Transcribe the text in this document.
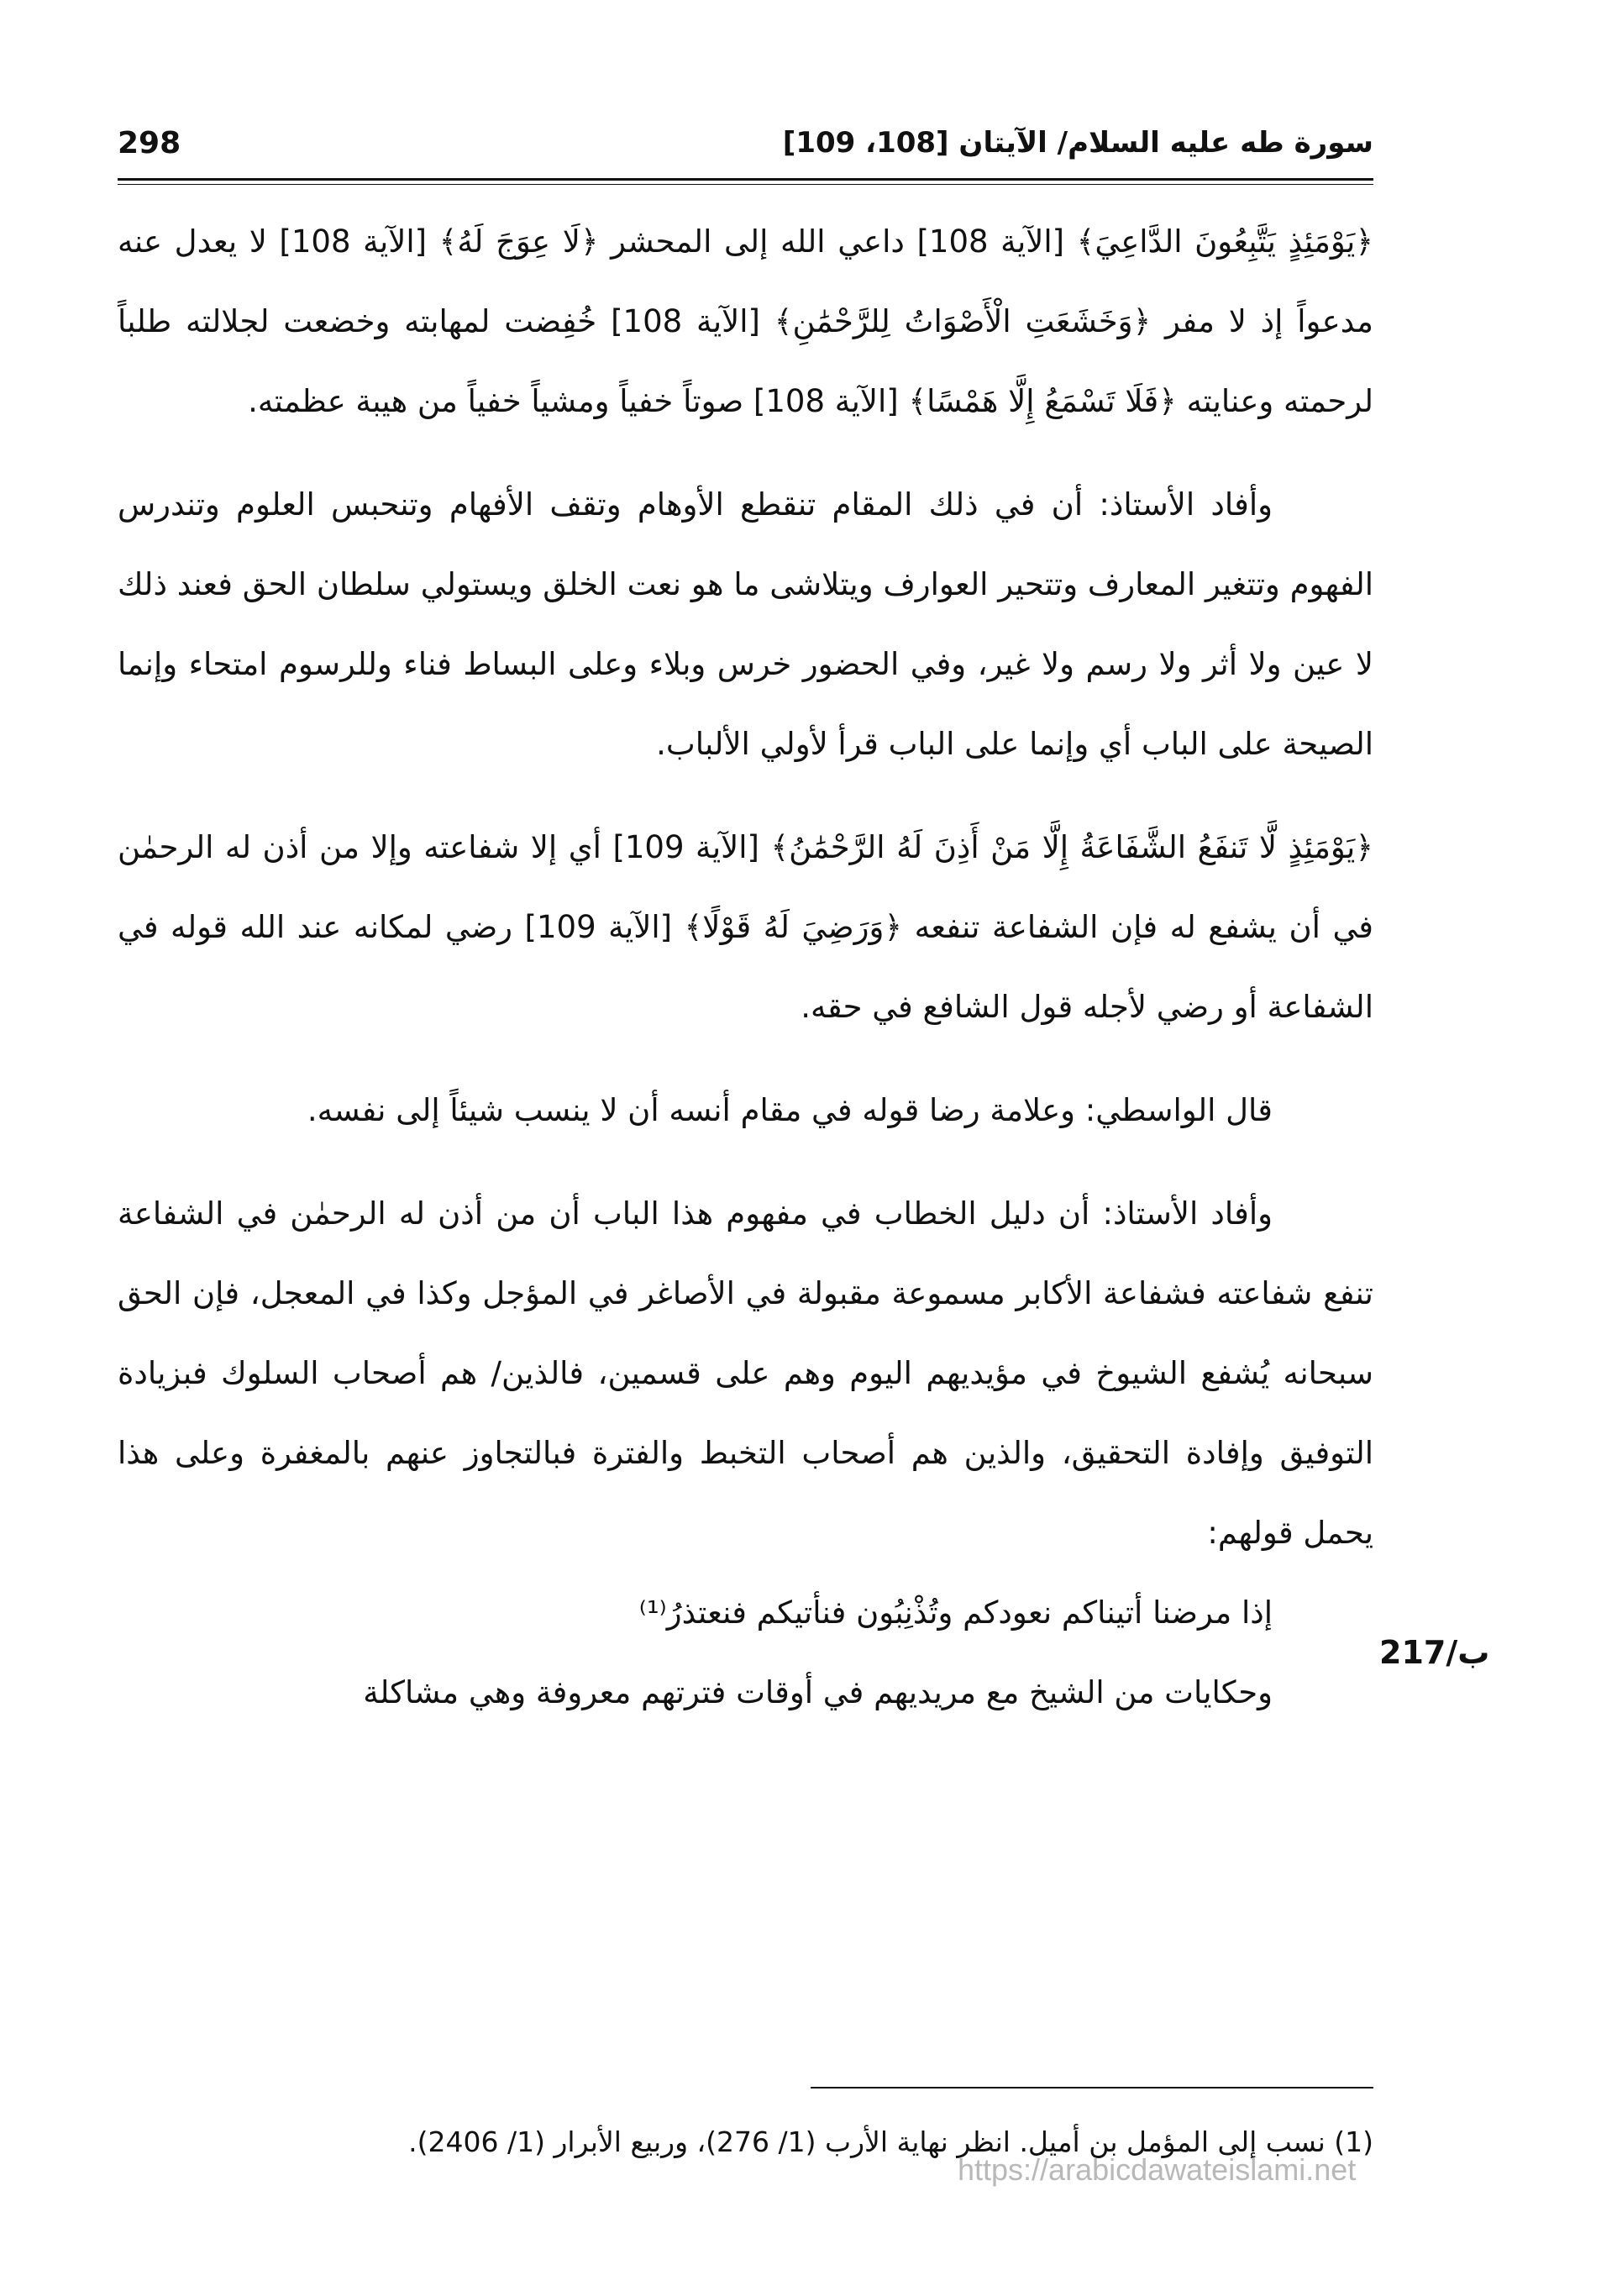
سورة طه عليه السلام/ الآيتان [108، 109]
298

﴿يَوْمَئِذٍ يَتَّبِعُونَ الدَّاعِيَ﴾ [الآية 108] داعي الله إلى المحشر ﴿لَا عِوَجَ لَهُ﴾ [الآية 108] لا يعدل عنه مدعواً إذ لا مفر ﴿وَخَشَعَتِ الْأَصْوَاتُ لِلرَّحْمَٰنِ﴾ [الآية 108] خُفِضت لمهابته وخضعت لجلالته طلباً لرحمته وعنايته ﴿فَلَا تَسْمَعُ إِلَّا هَمْسًا﴾ [الآية 108] صوتاً خفياً ومشياً خفياً من هيبة عظمته.

وأفاد الأستاذ: أن في ذلك المقام تنقطع الأوهام وتقف الأفهام وتنحبس العلوم وتندرس الفهوم وتتغير المعارف وتتحير العوارف ويتلاشى ما هو نعت الخلق ويستولي سلطان الحق فعند ذلك لا عين ولا أثر ولا رسم ولا غير، وفي الحضور خرس وبلاء وعلى البساط فناء وللرسوم امتحاء وإنما الصيحة على الباب أي وإنما على الباب قرأ لأولي الألباب.

﴿يَوْمَئِذٍ لَّا تَنفَعُ الشَّفَاعَةُ إِلَّا مَنْ أَذِنَ لَهُ الرَّحْمَٰنُ﴾ [الآية 109] أي إلا شفاعته وإلا من أذن له الرحمٰن في أن يشفع له فإن الشفاعة تنفعه ﴿وَرَضِيَ لَهُ قَوْلًا﴾ [الآية 109] رضي لمكانه عند الله قوله في الشفاعة أو رضي لأجله قول الشافع في حقه.

قال الواسطي: وعلامة رضا قوله في مقام أنسه أن لا ينسب شيئاً إلى نفسه.

وأفاد الأستاذ: أن دليل الخطاب في مفهوم هذا الباب أن من أذن له الرحمٰن في الشفاعة تنفع شفاعته فشفاعة الأكابر مسموعة مقبولة في الأصاغر في المؤجل وكذا في المعجل، فإن الحق سبحانه يُشفع الشيوخ في مؤيديهم اليوم وهم على قسمين، فالذين/ هم أصحاب السلوك فبزيادة التوفيق وإفادة التحقيق، والذين هم أصحاب التخبط والفترة فبالتجاوز عنهم بالمغفرة وعلى هذا يحمل قولهم:

إذا مرضنا أتيناكم نعودكم وتُذْنِبُون فنأتيكم فنعتذرُ⁽¹⁾

وحكايات من الشيخ مع مريديهم في أوقات فترتهم معروفة وهي مشاكلة

217/ب
(1) نسب إلى المؤمل بن أميل. انظر نهاية الأرب (1/ 276)، وربيع الأبرار (1/ 2406).
https://arabicdawateislami.net
